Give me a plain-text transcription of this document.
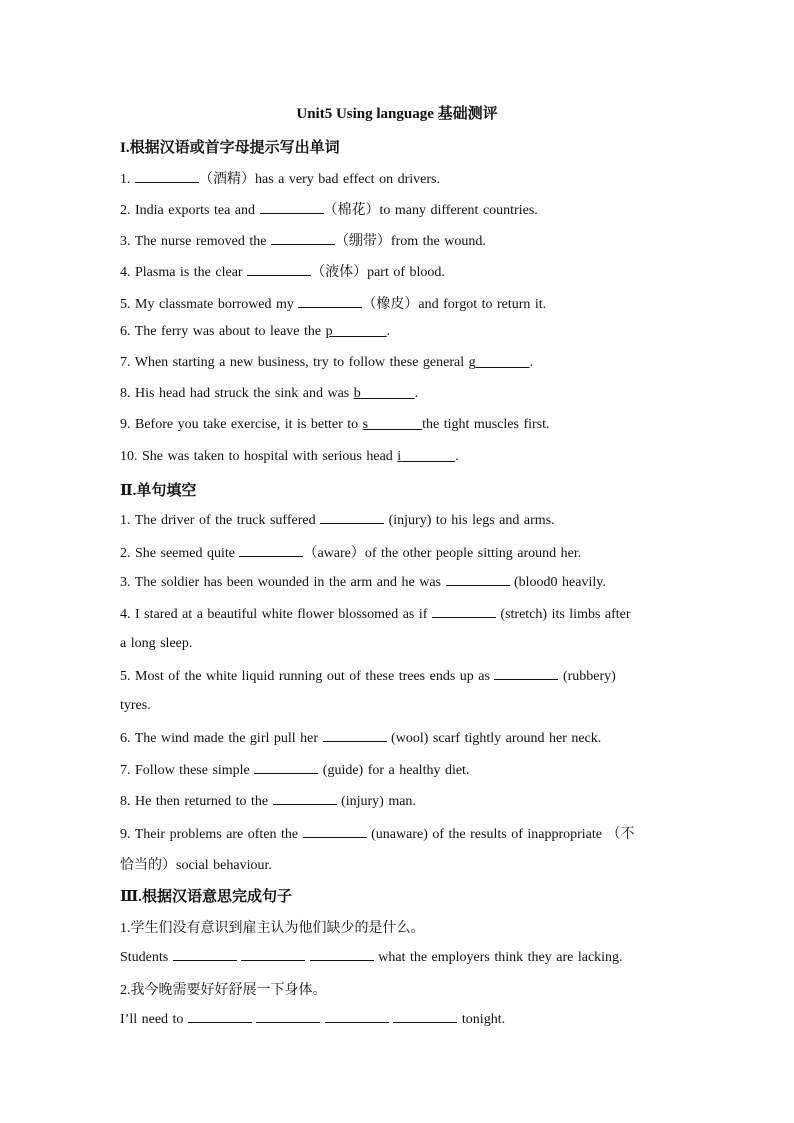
Unit5 Using language 基础测评
I.根据汉语或首字母提示写出单词
1.	（酒精）has a very bad effect on drivers.
2. India exports tea and	（棉花）to many different countries.
3. The nurse removed the	（绷带）from the wound.
4. Plasma is the clear	（液体）part of blood.
5. My classmate borrowed my	（橡皮）and forgot to return it.
6. The ferry was about to leave the p	.
7. When starting a new business, try to follow these general g	.
8. His head had struck the sink and was b	.
9. Before you take exercise, it is better to s	the tight muscles first.
10. She was taken to hospital with serious head i	.
Ⅱ.单句填空
1. The driver of the truck suffered	(injury) to his legs and arms.
2. She seemed quite	（aware）of the other people sitting around her.
3. The soldier has been wounded in the arm and he was	(blood0 heavily.
4. I stared at a beautiful white flower blossomed as if	(stretch) its limbs after
a long sleep.
5. Most of the white liquid running out of these trees ends up as	(rubbery)
tyres.
6. The wind made the girl pull her	(wool) scarf tightly around her neck.
7. Follow these simple	(guide) for a healthy diet.
8. He then returned to the	(injury) man.
9. Their problems are often the	(unaware) of the results of inappropriate （不
恰当的）social behaviour.
Ⅲ.根据汉语意思完成句子
1.学生们没有意识到雇主认为他们缺少的是什么。
Students	what the employers think they are lacking.
2.我今晚需要好好舒展一下身体。
I’ll need to	tonight.
